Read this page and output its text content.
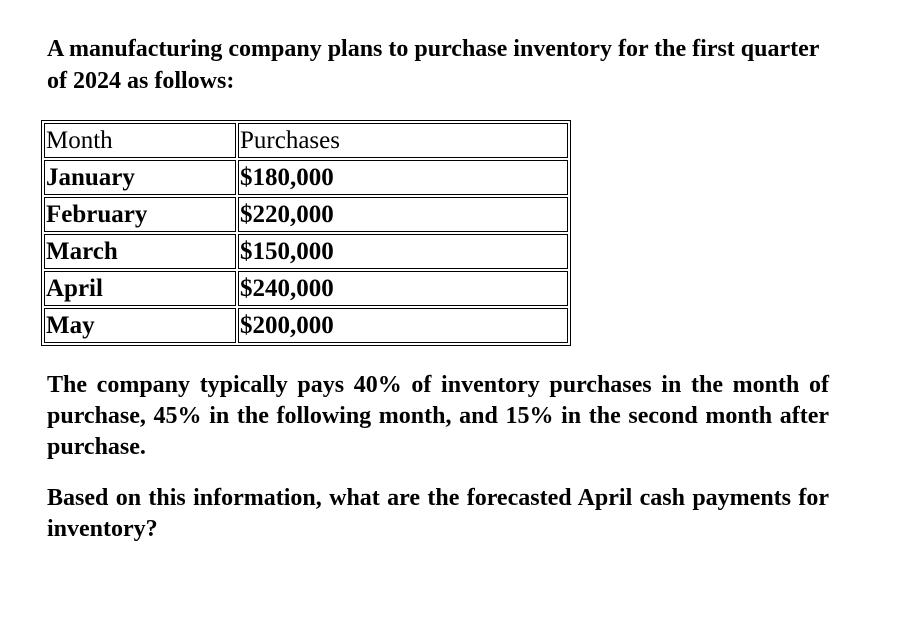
A manufacturing company plans to purchase inventory for the first quarter of 2024 as follows:

Month	Purchases
January	$180,000
February	$220,000
March	$150,000
April	$240,000
May	$200,000

The company typically pays 40% of inventory purchases in the month of purchase, 45% in the following month, and 15% in the second month after purchase.

Based on this information, what are the forecasted April cash payments for inventory?
